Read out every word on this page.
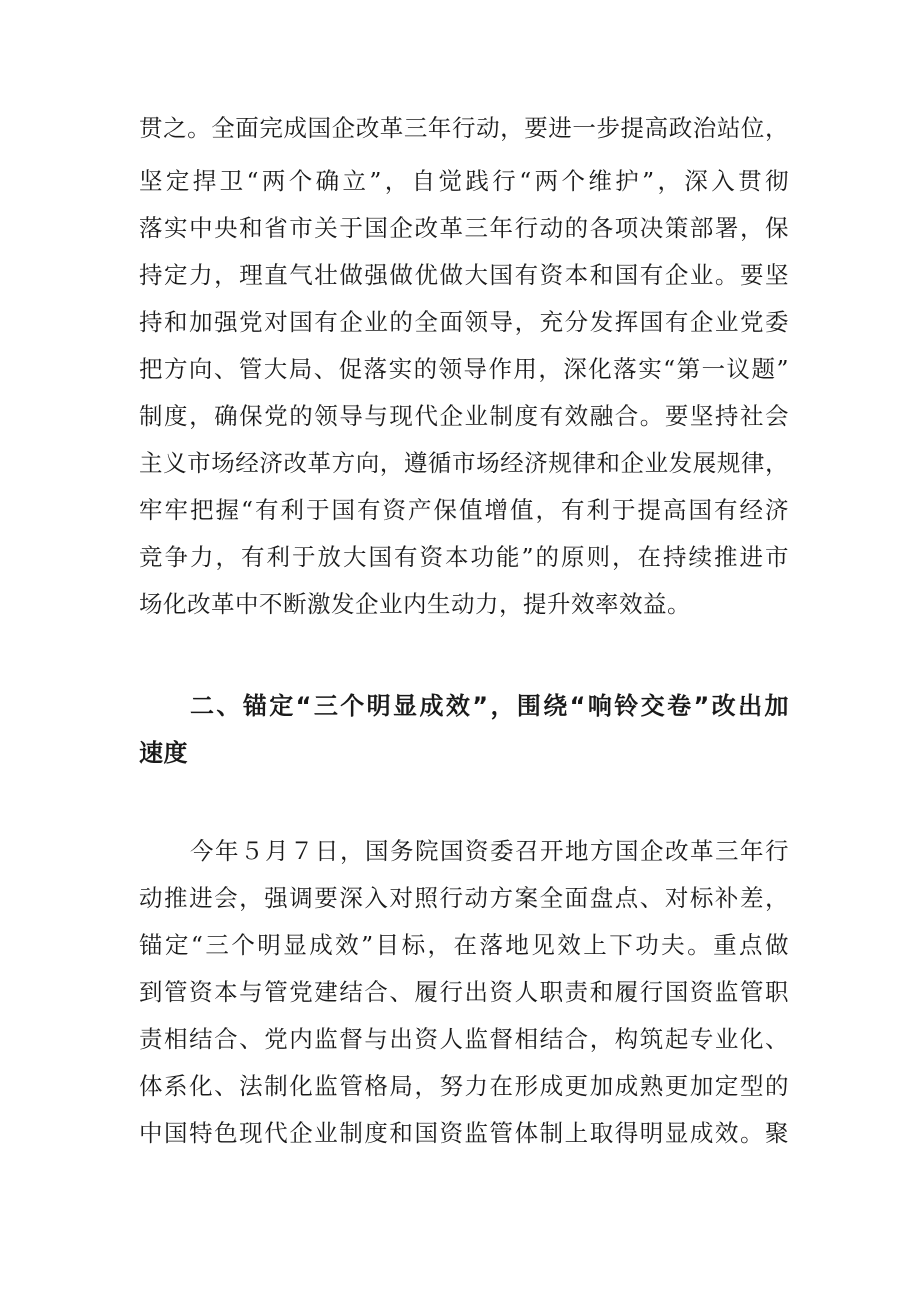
贯之。全面完成国企改革三年行动，要进一步提高政治站位，
坚定捍卫“两个确立”，自觉践行“两个维护”，深入贯彻
落实中央和省市关于国企改革三年行动的各项决策部署，保
持定力，理直气壮做强做优做大国有资本和国有企业。要坚
持和加强党对国有企业的全面领导，充分发挥国有企业党委
把方向、管大局、促落实的领导作用，深化落实“第一议题”
制度，确保党的领导与现代企业制度有效融合。要坚持社会
主义市场经济改革方向，遵循市场经济规律和企业发展规律，
牢牢把握“有利于国有资产保值增值，有利于提高国有经济
竞争力，有利于放大国有资本功能”的原则，在持续推进市
场化改革中不断激发企业内生动力，提升效率效益。
二、锚定“三个明显成效”，围绕“响铃交卷”改出加
速度
今年５月７日，国务院国资委召开地方国企改革三年行
动推进会，强调要深入对照行动方案全面盘点、对标补差，
锚定“三个明显成效”目标，在落地见效上下功夫。重点做
到管资本与管党建结合、履行出资人职责和履行国资监管职
责相结合、党内监督与出资人监督相结合，构筑起专业化、
体系化、法制化监管格局，努力在形成更加成熟更加定型的
中国特色现代企业制度和国资监管体制上取得明显成效。聚
